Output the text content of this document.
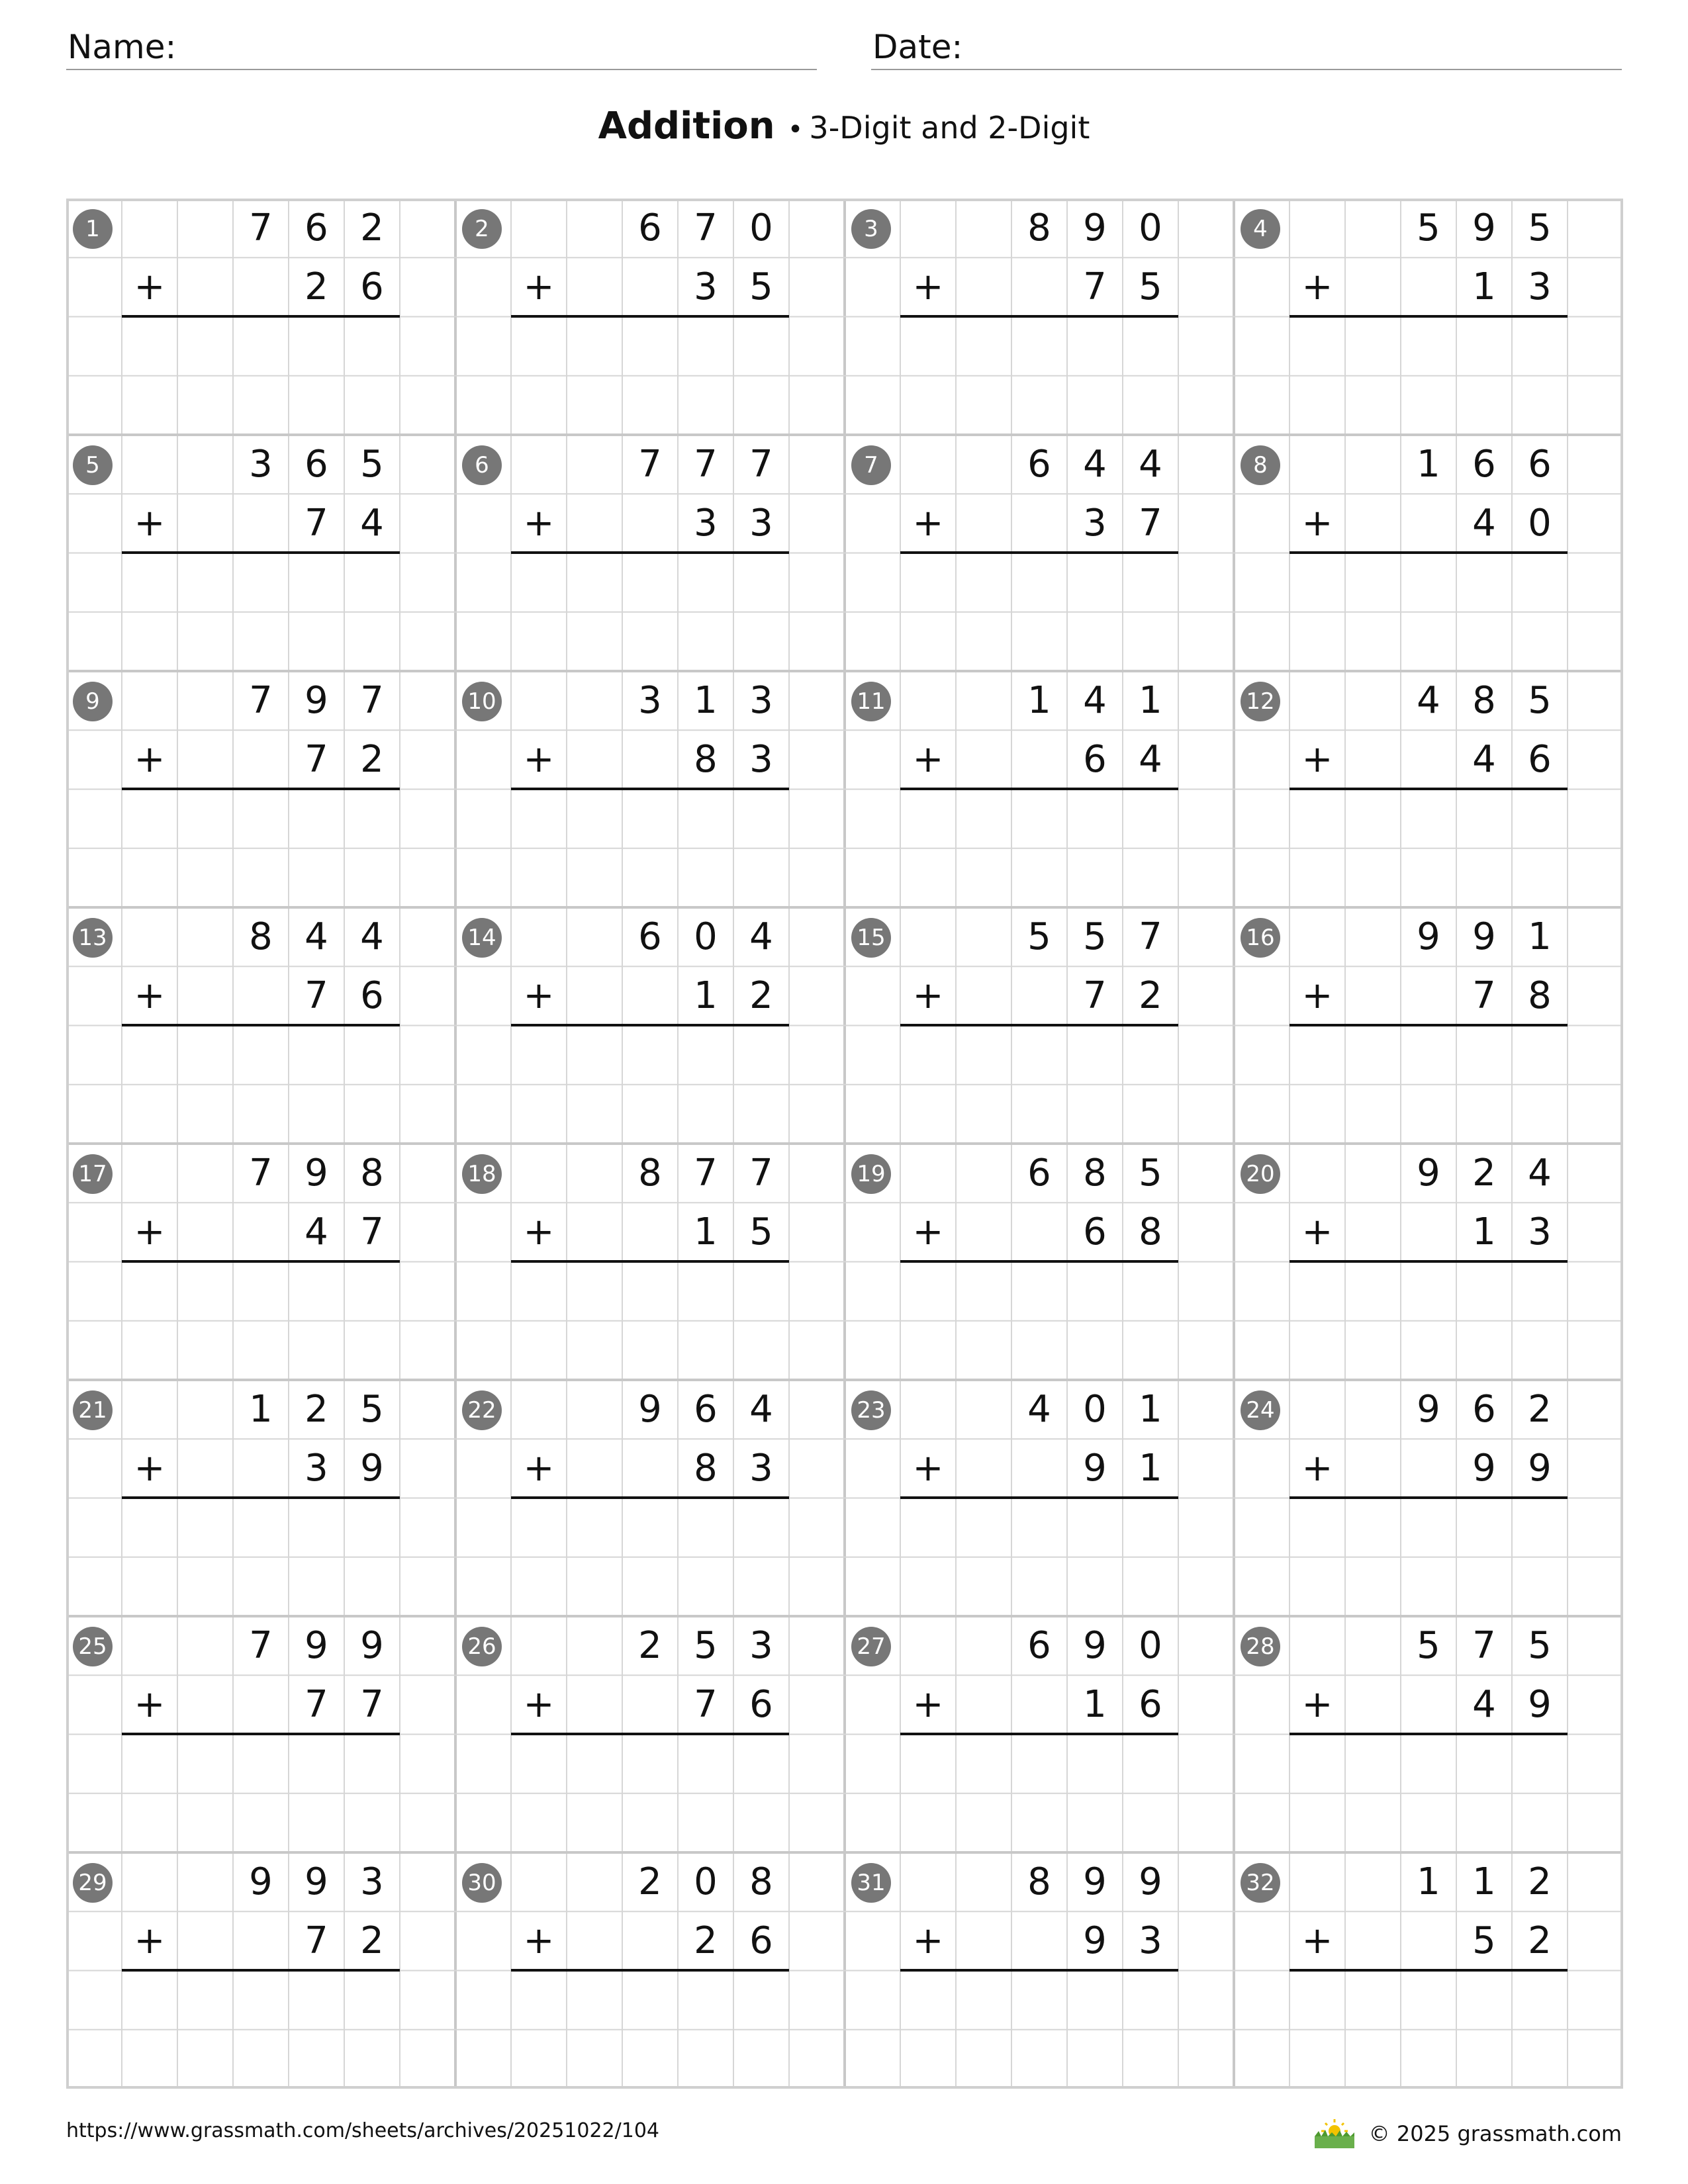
Name:	Date:
Addition • 3-Digit and 2-Digit
1	7 6 2
+	2 6
2	6 7 0
+	3 5
3	8 9 0
+	7 5
4	5 9 5
+	1 3
5	3 6 5
+	7 4
6	7 7 7
+	3 3
7	6 4 4
+	3 7
8	1 6 6
+	4 0
9	7 9 7
+	7 2
10	3 1 3
+	8 3
11	1 4 1
+	6 4
12	4 8 5
+	4 6
13	8 4 4
+	7 6
14	6 0 4
+	1 2
15	5 5 7
+	7 2
16	9 9 1
+	7 8
17	7 9 8
+	4 7
18	8 7 7
+	1 5
19	6 8 5
+	6 8
20	9 2 4
+	1 3
21	1 2 5
+	3 9
22	9 6 4
+	8 3
23	4 0 1
+	9 1
24	9 6 2
+	9 9
25	7 9 9
+	7 7
26	2 5 3
+	7 6
27	6 9 0
+	1 6
28	5 7 5
+	4 9
29	9 9 3
+	7 2
30	2 0 8
+	2 6
31	8 9 9
+	9 3
32	1 1 2
+	5 2
https://www.grassmath.com/sheets/archives/20251022/104	© 2025 grassmath.com
